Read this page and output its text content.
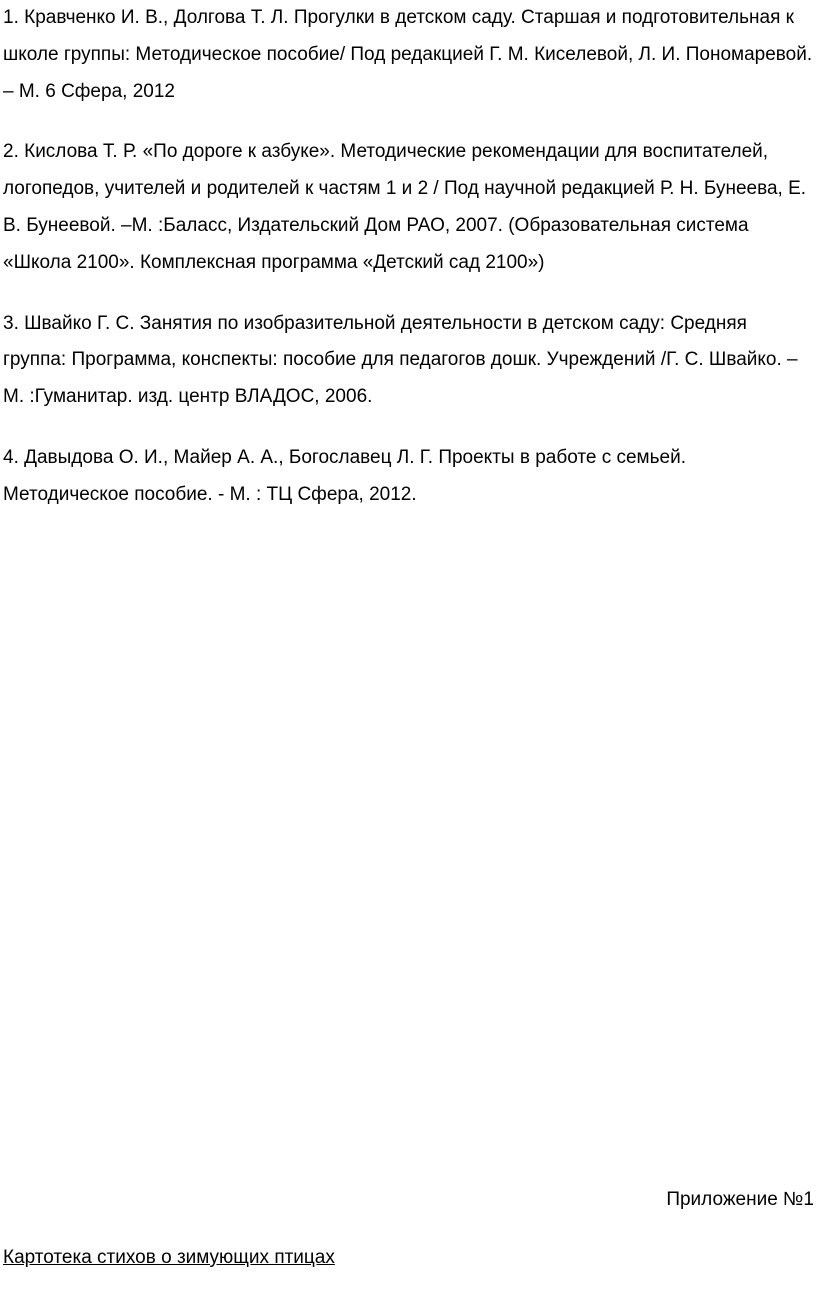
1. Кравченко И. В., Долгова Т. Л. Прогулки в детском саду. Старшая и подготовительная к школе группы: Методическое пособие/ Под редакцией Г. М. Киселевой, Л. И. Пономаревой. – М. 6 Сфера, 2012

2. Кислова Т. Р. «По дороге к азбуке». Методические рекомендации для воспитателей, логопедов, учителей и родителей к частям 1 и 2 / Под научной редакцией Р. Н. Бунеева, Е. В. Бунеевой. –М. :Баласс, Издательский Дом РАО, 2007. (Образовательная система «Школа 2100». Комплексная программа «Детский сад 2100»)

3. Швайко Г. С. Занятия по изобразительной деятельности в детском саду: Средняя группа: Программа, конспекты: пособие для педагогов дошк. Учреждений /Г. С. Швайко. – М. :Гуманитар. изд. центр ВЛАДОС, 2006.

4. Давыдова О. И., Майер А. А., Богославец Л. Г. Проекты в работе с семьей. Методическое пособие. - М. : ТЦ Сфера, 2012.

Приложение №1
Картотека стихов о зимующих птицах
